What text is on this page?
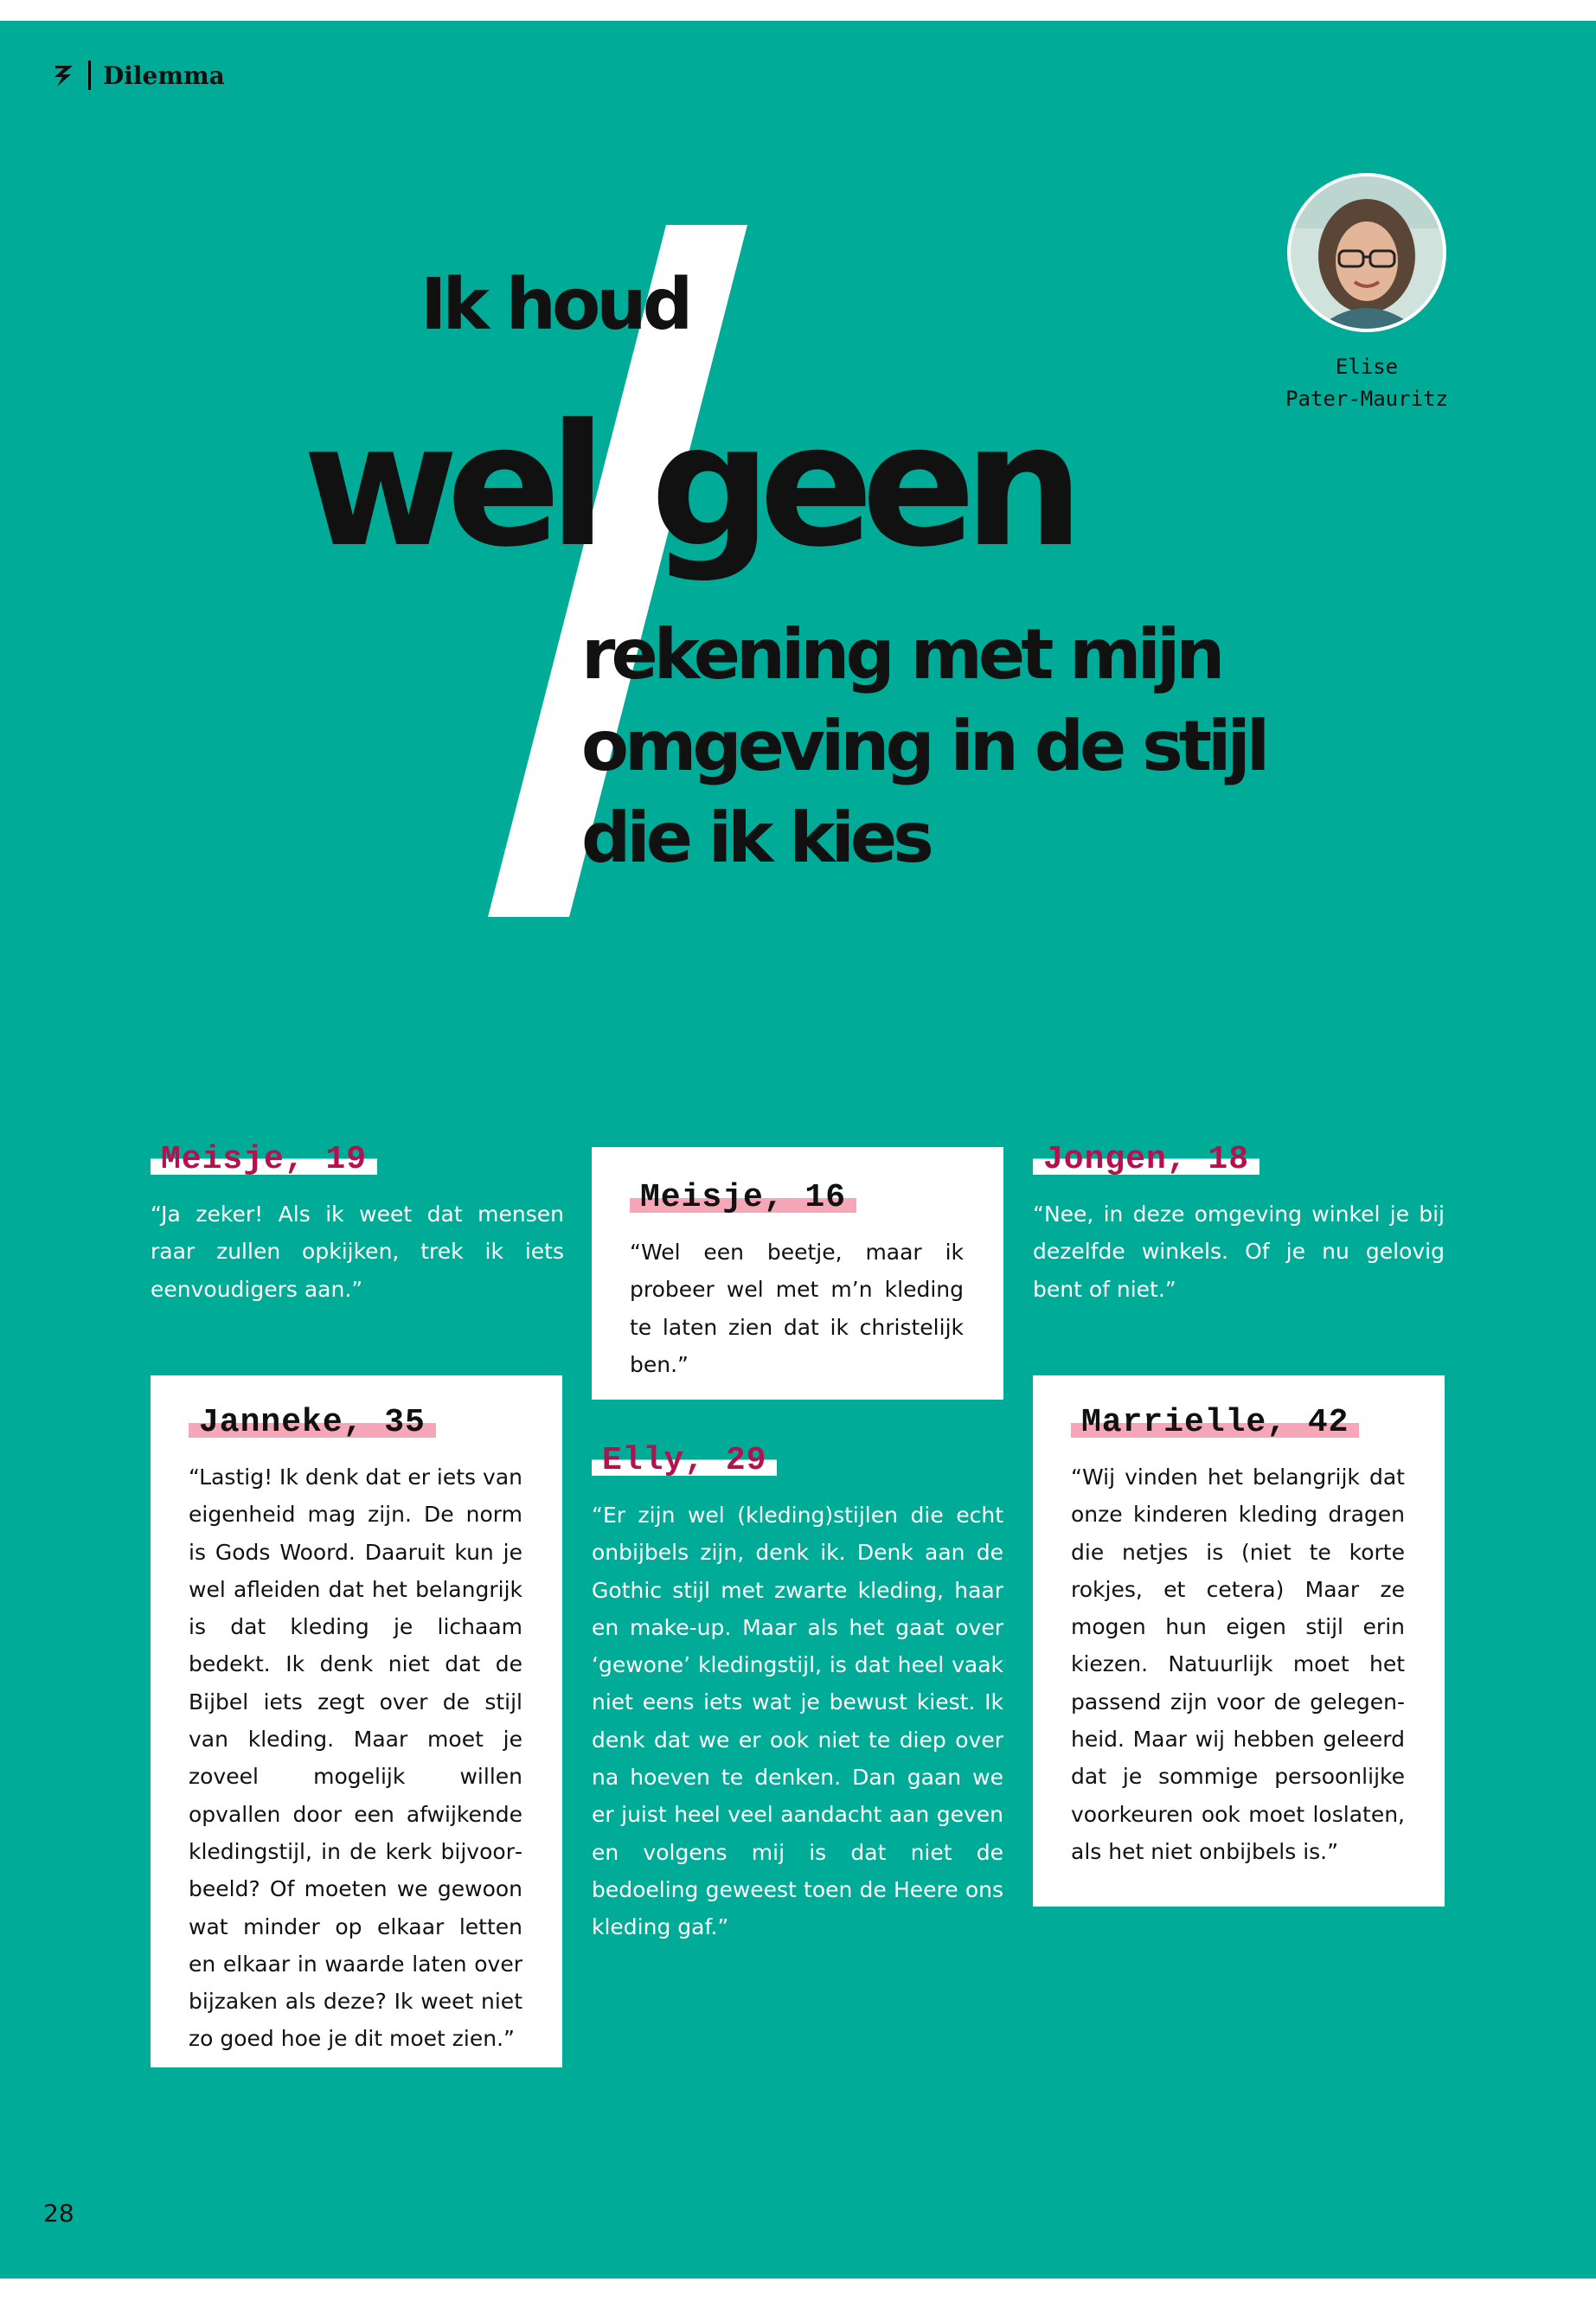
Dilemma
Ik houd
wel geen
rekening met mijn
omgeving in de stijl
die ik kies
Elise
Pater-Mauritz
Meisje, 19
“Ja zeker! Als ik weet dat mensen raar zullen opkijken, trek ik iets eenvoudigers aan.”
Meisje, 16
“Wel een beetje, maar ik probeer wel met m’n kleding te laten zien dat ik christelijk ben.”
Jongen, 18
“Nee, in deze omgeving winkel je bij dezelfde winkels. Of je nu gelovig bent of niet.”
Janneke, 35
“Lastig! Ik denk dat er iets van eigenheid mag zijn. De norm is Gods Woord. Daaruit kun je wel afleiden dat het belangrijk is dat kleding je lichaam bedekt. Ik denk niet dat de Bijbel iets zegt over de stijl van kleding. Maar moet je zoveel mogelijk willen opvallen door een afwijkende kledingstijl, in de kerk bijvoorbeeld? Of moeten we gewoon wat minder op elkaar letten en elkaar in waarde laten over bijzaken als deze? Ik weet niet zo goed hoe je dit moet zien.”
Elly, 29
“Er zijn wel (kleding)stijlen die echt onbijbels zijn, denk ik. Denk aan de Gothic stijl met zwarte kleding, haar en make-up. Maar als het gaat over ‘gewone’ kledingstijl, is dat heel vaak niet eens iets wat je bewust kiest. Ik denk dat we er ook niet te diep over na hoeven te denken. Dan gaan we er juist heel veel aandacht aan geven en volgens mij is dat niet de bedoeling geweest toen de Heere ons kleding gaf.”
Marrielle, 42
“Wij vinden het belangrijk dat onze kinderen kleding dragen die netjes is (niet te korte rokjes, et cetera) Maar ze mogen hun eigen stijl erin kiezen. Natuurlijk moet het passend zijn voor de gelegenheid. Maar wij hebben geleerd dat je sommige persoonlijke voorkeuren ook moet loslaten, als het niet onbijbels is.”
28
